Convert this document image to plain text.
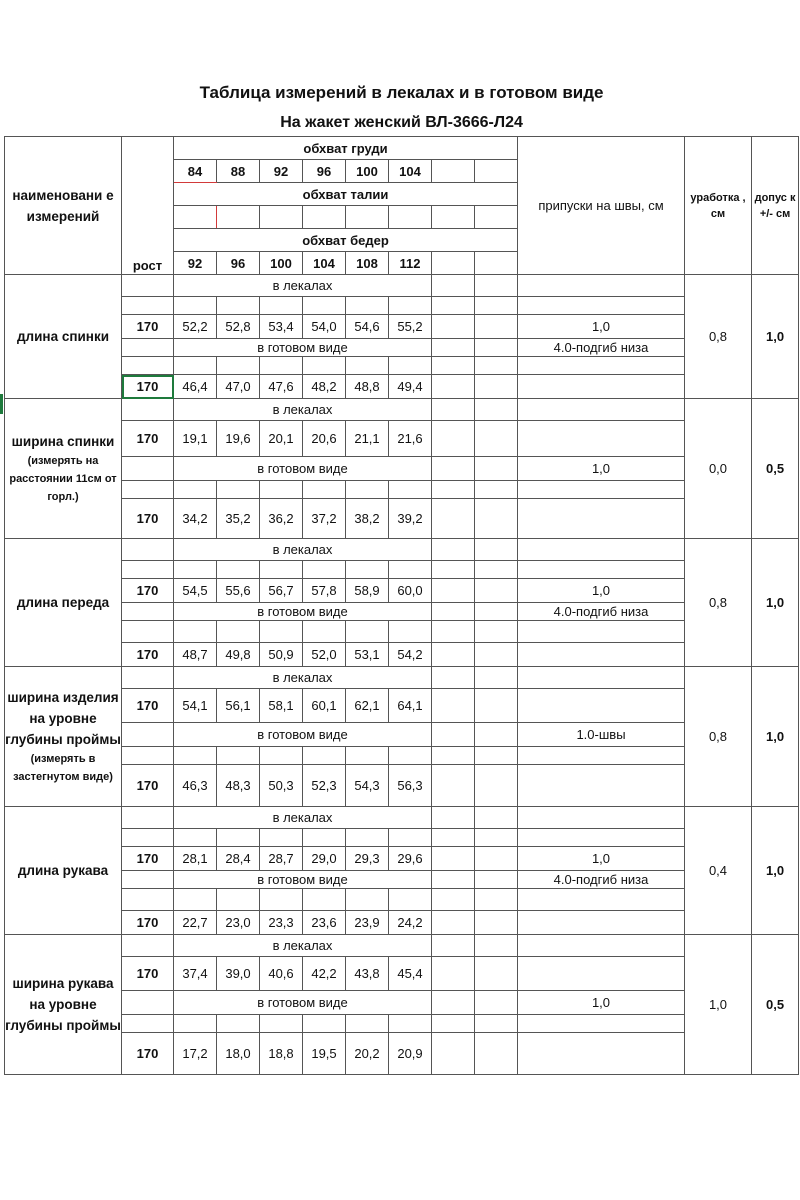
Таблица измерений в лекалах и в готовом виде												
На жакет женский ВЛ-3666-Л24												
наименовани е измерений	рост	обхват груди								припуски на швы, см	уработка , см	допус к +/- см
		84	88	92	96	100	104					
		обхват талии										

		обхват бедер										
		92	96	100	104	108	112					
длина спинки		в лекалах									0,8	1,0

	170	52,2	52,8	53,4	54,0	54,6	55,2			1,0		
		в готовом виде								4.0-подгиб низа		

	170	46,4	47,0	47,6	48,2	48,8	49,4					
ширина спинки
(измерять на расстоянии 11см от горл.)		в лекалах									0,0	0,5
	170	19,1	19,6	20,1	20,6	21,1	21,6					
		в готовом виде								1,0		

	170	34,2	35,2	36,2	37,2	38,2	39,2					
длина переда		в лекалах									0,8	1,0

	170	54,5	55,6	56,7	57,8	58,9	60,0			1,0		
		в готовом виде								4.0-подгиб низа		

	170	48,7	49,8	50,9	52,0	53,1	54,2					
ширина изделия на уровне глубины проймы
(измерять в застегнутом виде)		в лекалах									0,8	1,0
	170	54,1	56,1	58,1	60,1	62,1	64,1					
		в готовом виде								1.0-швы		

	170	46,3	48,3	50,3	52,3	54,3	56,3					
длина рукава		в лекалах									0,4	1,0

	170	28,1	28,4	28,7	29,0	29,3	29,6			1,0		
		в готовом виде								4.0-подгиб низа		

	170	22,7	23,0	23,3	23,6	23,9	24,2					
ширина рукава на уровне глубины проймы		в лекалах									1,0	0,5
	170	37,4	39,0	40,6	42,2	43,8	45,4					
		в готовом виде								1,0		

	170	17,2	18,0	18,8	19,5	20,2	20,9					
